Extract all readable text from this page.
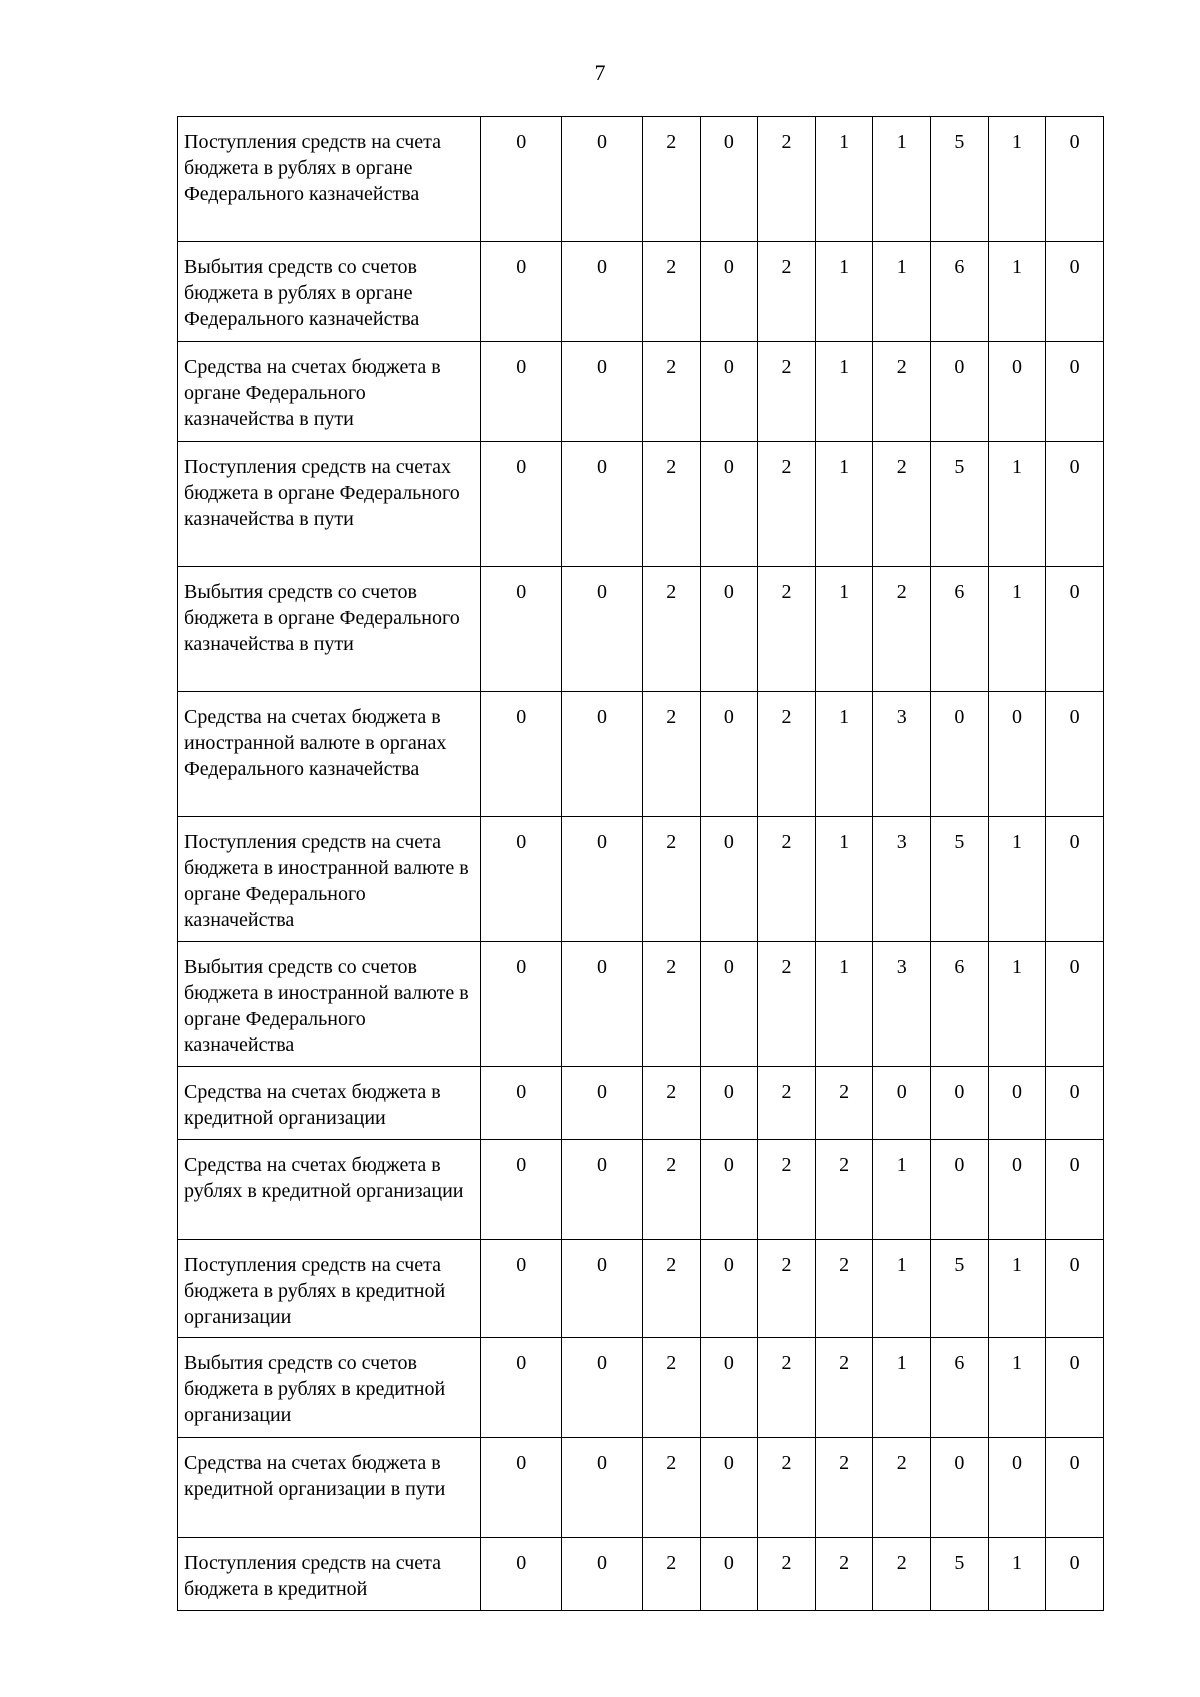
7
Поступления средств на счета бюджета в рублях в органе Федерального казначейства	0	0	2	0	2	1	1	5	1	0
Выбытия средств со счетов бюджета в рублях в органе Федерального казначейства	0	0	2	0	2	1	1	6	1	0
Средства на счетах бюджета в органе Федерального казначейства в пути	0	0	2	0	2	1	2	0	0	0
Поступления средств на счетах бюджета в органе Федерального казначейства в пути	0	0	2	0	2	1	2	5	1	0
Выбытия средств со счетов бюджета в органе Федерального казначейства в пути	0	0	2	0	2	1	2	6	1	0
Средства на счетах бюджета в иностранной валюте в органах Федерального казначейства	0	0	2	0	2	1	3	0	0	0
Поступления средств на счета бюджета в иностранной валюте в органе Федерального казначейства	0	0	2	0	2	1	3	5	1	0
Выбытия средств со счетов бюджета в иностранной валюте в органе Федерального казначейства	0	0	2	0	2	1	3	6	1	0
Средства на счетах бюджета в кредитной организации	0	0	2	0	2	2	0	0	0	0
Средства на счетах бюджета в рублях в кредитной организации	0	0	2	0	2	2	1	0	0	0
Поступления средств на счета бюджета в рублях в кредитной организации	0	0	2	0	2	2	1	5	1	0
Выбытия средств со счетов бюджета в рублях в кредитной организации	0	0	2	0	2	2	1	6	1	0
Средства на счетах бюджета в кредитной организации в пути	0	0	2	0	2	2	2	0	0	0
Поступления средств на счета бюджета в кредитной	0	0	2	0	2	2	2	5	1	0
